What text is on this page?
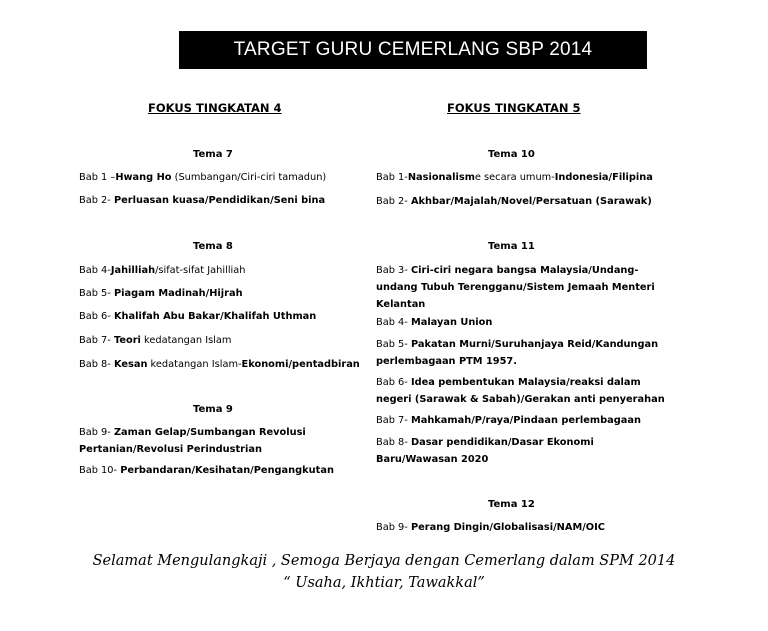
TARGET GURU CEMERLANG SBP 2014
FOKUS TINGKATAN 4	FOKUS TINGKATAN 5
Tema 7
Bab 1 –Hwang Ho (Sumbangan/Ciri-ciri tamadun)
Bab 2- Perluasan kuasa/Pendidikan/Seni bina
Tema 8
Bab 4-Jahilliah/sifat-sifat Jahilliah
Bab 5- Piagam Madinah/Hijrah
Bab 6- Khalifah Abu Bakar/Khalifah Uthman
Bab 7- Teori kedatangan Islam
Bab 8- Kesan kedatangan Islam-Ekonomi/pentadbiran
Tema 9
Bab 9- Zaman Gelap/Sumbangan Revolusi
Pertanian/Revolusi Perindustrian
Bab 10- Perbandaran/Kesihatan/Pengangkutan
Tema 10
Bab 1-Nasionalisme secara umum-Indonesia/Filipina
Bab 2- Akhbar/Majalah/Novel/Persatuan (Sarawak)
Tema 11
Bab 3- Ciri-ciri negara bangsa Malaysia/Undang-
undang Tubuh Terengganu/Sistem Jemaah Menteri
Kelantan
Bab 4- Malayan Union
Bab 5- Pakatan Murni/Suruhanjaya Reid/Kandungan
perlembagaan PTM 1957.
Bab 6- Idea pembentukan Malaysia/reaksi dalam
negeri (Sarawak & Sabah)/Gerakan anti penyerahan
Bab 7- Mahkamah/P/raya/Pindaan perlembagaan
Bab 8- Dasar pendidikan/Dasar Ekonomi
Baru/Wawasan 2020
Tema 12
Bab 9- Perang Dingin/Globalisasi/NAM/OIC
Selamat Mengulangkaji , Semoga Berjaya dengan Cemerlang dalam SPM 2014
“ Usaha, Ikhtiar, Tawakkal”
